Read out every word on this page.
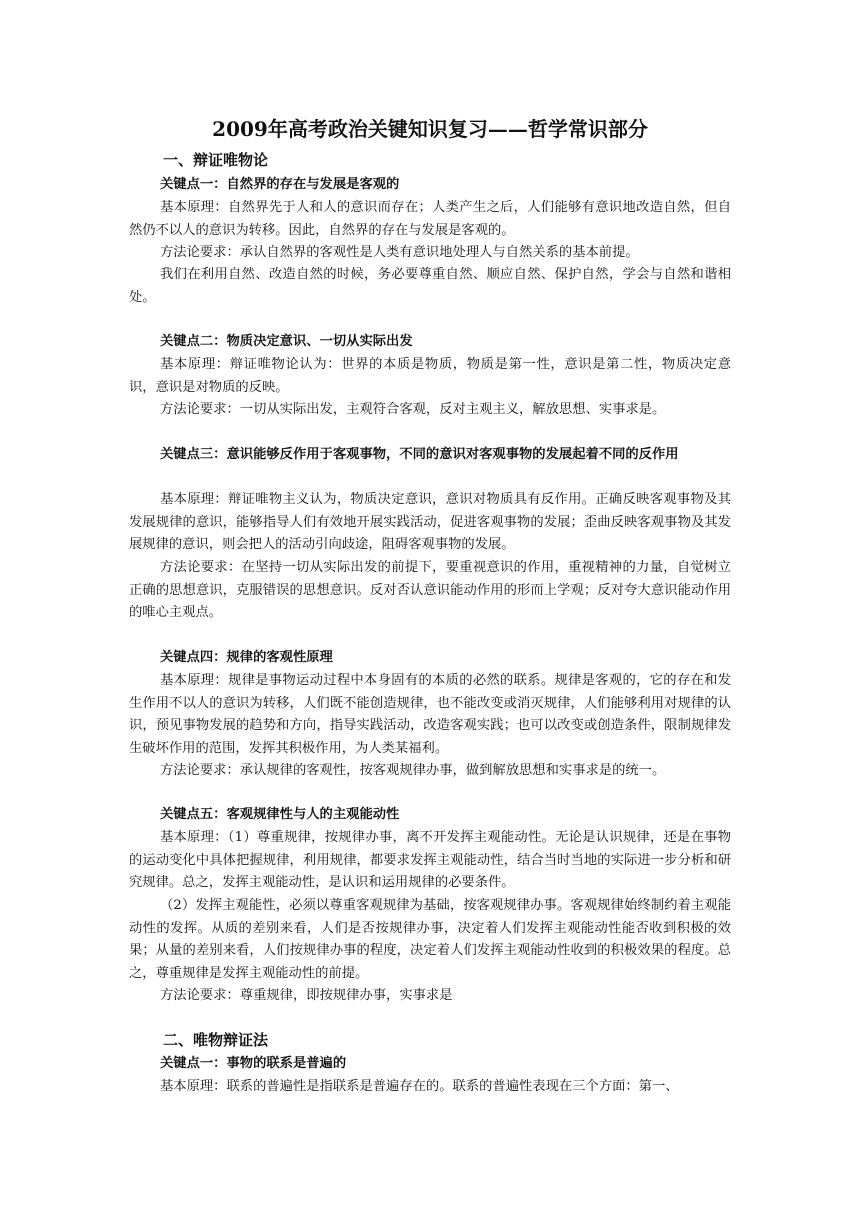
2009年高考政治关键知识复习——哲学常识部分
一、辩证唯物论
关键点一：自然界的存在与发展是客观的

基本原理：自然界先于人和人的意识而存在；人类产生之后，人们能够有意识地改造自然，但自然仍不以人的意识为转移。因此，自然界的存在与发展是客观的。

方法论要求：承认自然界的客观性是人类有意识地处理人与自然关系的基本前提。

我们在利用自然、改造自然的时候，务必要尊重自然、顺应自然、保护自然，学会与自然和谐相处。

关键点二：物质决定意识、一切从实际出发

基本原理：辩证唯物论认为：世界的本质是物质，物质是第一性，意识是第二性，物质决定意识，意识是对物质的反映。

方法论要求：一切从实际出发，主观符合客观，反对主观主义，解放思想、实事求是。

关键点三：意识能够反作用于客观事物，不同的意识对客观事物的发展起着不同的反作用

基本原理：辩证唯物主义认为，物质决定意识，意识对物质具有反作用。正确反映客观事物及其发展规律的意识，能够指导人们有效地开展实践活动，促进客观事物的发展；歪曲反映客观事物及其发展规律的意识，则会把人的活动引向歧途，阻碍客观事物的发展。

方法论要求：在坚持一切从实际出发的前提下，要重视意识的作用，重视精神的力量，自觉树立正确的思想意识，克服错误的思想意识。反对否认意识能动作用的形而上学观；反对夸大意识能动作用的唯心主观点。

关键点四：规律的客观性原理

基本原理：规律是事物运动过程中本身固有的本质的必然的联系。规律是客观的，它的存在和发生作用不以人的意识为转移，人们既不能创造规律，也不能改变或消灭规律，人们能够利用对规律的认识，预见事物发展的趋势和方向，指导实践活动，改造客观实践；也可以改变或创造条件，限制规律发生破坏作用的范围，发挥其积极作用，为人类某福利。

方法论要求：承认规律的客观性，按客观规律办事，做到解放思想和实事求是的统一。

关键点五：客观规律性与人的主观能动性

基本原理：（1）尊重规律，按规律办事，离不开发挥主观能动性。无论是认识规律，还是在事物的运动变化中具体把握规律，利用规律，都要求发挥主观能动性，结合当时当地的实际进一步分析和研究规律。总之，发挥主观能动性，是认识和运用规律的必要条件。

（2）发挥主观能性，必须以尊重客观规律为基础，按客观规律办事。客观规律始终制约着主观能动性的发挥。从质的差别来看，人们是否按规律办事，决定着人们发挥主观能动性能否收到积极的效果；从量的差别来看，人们按规律办事的程度，决定着人们发挥主观能动性收到的积极效果的程度。总之，尊重规律是发挥主观能动性的前提。

方法论要求：尊重规律，即按规律办事，实事求是

二、唯物辩证法
关键点一：事物的联系是普遍的

基本原理：联系的普遍性是指联系是普遍存在的。联系的普遍性表现在三个方面：第一、
